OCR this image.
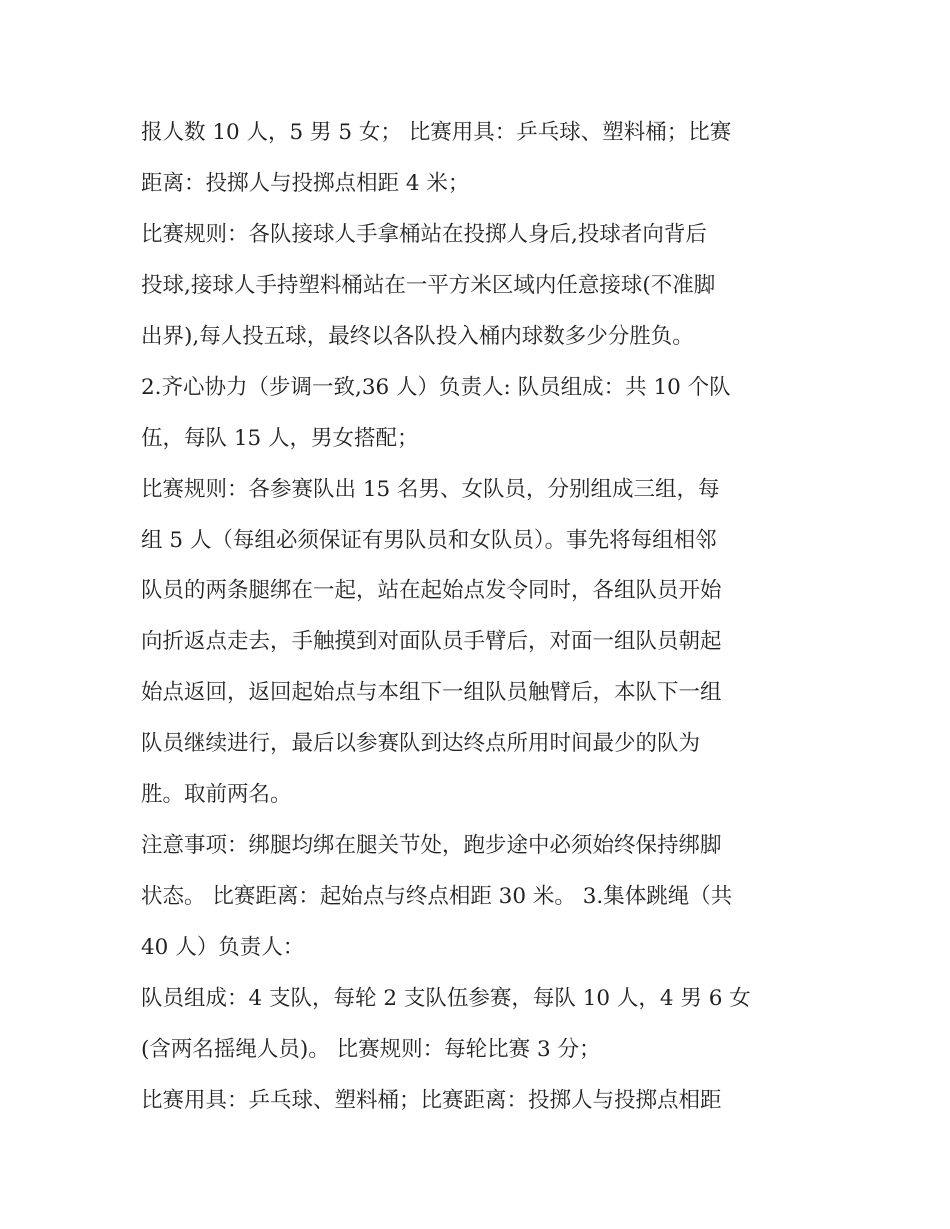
报人数 10 人，5 男 5 女； 比赛用具：乒乓球、塑料桶；比赛
距离：投掷人与投掷点相距 4 米；
比赛规则：各队接球人手拿桶站在投掷人身后,投球者向背后
投球,接球人手持塑料桶站在一平方米区域内任意接球(不准脚
出界),每人投五球，最终以各队投入桶内球数多少分胜负。
2.齐心协力（步调一致,36 人）负责人: 队员组成：共 10 个队
伍，每队 15 人，男女搭配；
比赛规则：各参赛队出 15 名男、女队员，分别组成三组，每
组 5 人（每组必须保证有男队员和女队员）。事先将每组相邻
队员的两条腿绑在一起，站在起始点发令同时，各组队员开始
向折返点走去，手触摸到对面队员手臂后，对面一组队员朝起
始点返回，返回起始点与本组下一组队员触臂后，本队下一组
队员继续进行，最后以参赛队到达终点所用时间最少的队为
胜。取前两名。
注意事项：绑腿均绑在腿关节处，跑步途中必须始终保持绑脚
状态。 比赛距离：起始点与终点相距 30 米。 3.集体跳绳（共
40 人）负责人：
队员组成：4 支队，每轮 2 支队伍参赛，每队 10 人，4 男 6 女
(含两名摇绳人员)。 比赛规则：每轮比赛 3 分；
比赛用具：乒乓球、塑料桶；比赛距离：投掷人与投掷点相距
